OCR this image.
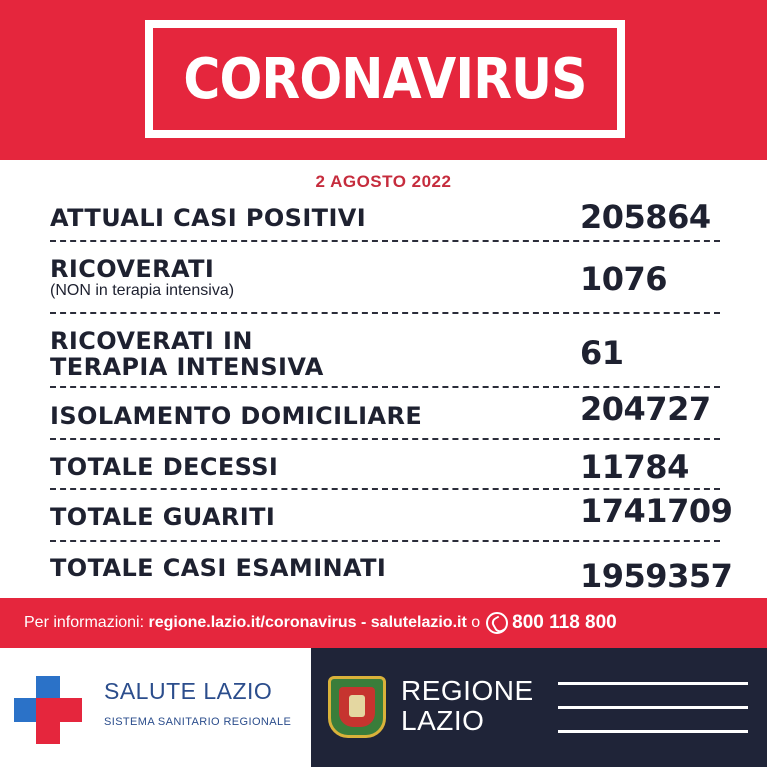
CORONAVIRUS
2 AGOSTO 2022
ATTUALI CASI POSITIVI	205864
RICOVERATI
(NON in terapia intensiva)	1076
RICOVERATI IN
TERAPIA INTENSIVA	61
ISOLAMENTO DOMICILIARE	204727
TOTALE DECESSI	11784
TOTALE GUARITI	1741709
TOTALE CASI ESAMINATI	1959357
Per informazioni:
regione.lazio.it/coronavirus - salutelazio.it o 800 118 800
SALUTE LAZIO
SISTEMA SANITARIO REGIONALE
REGIONE
LAZIO
